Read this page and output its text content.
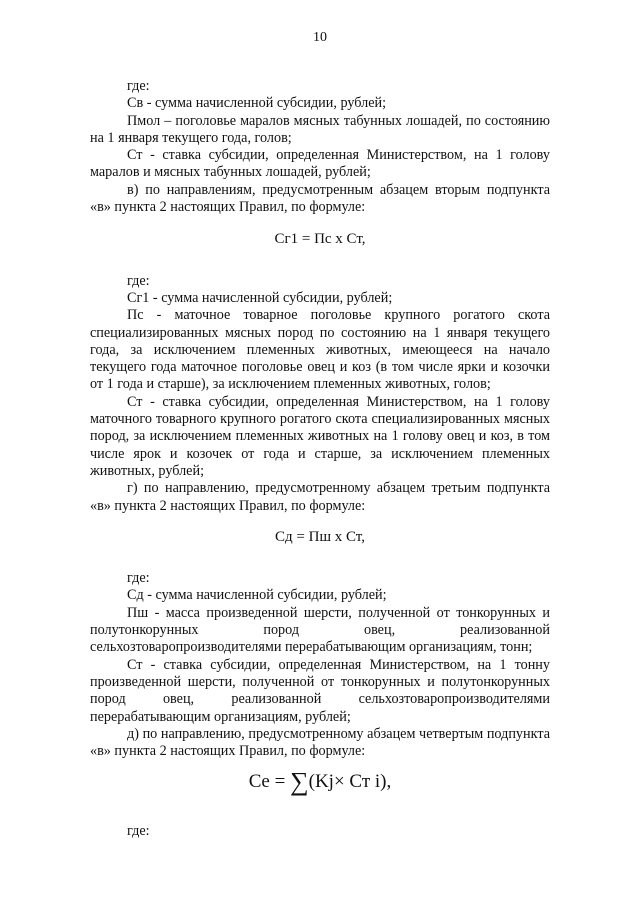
10

где:

Св - сумма начисленной субсидии, рублей;

Пмол – поголовье маралов мясных табунных лошадей, по состоянию на 1 января текущего года, голов;

Ст - ставка субсидии, определенная Министерством, на 1 голову маралов и мясных табунных лошадей, рублей;

в) по направлениям, предусмотренным абзацем вторым подпункта «в» пункта 2 настоящих Правил, по формуле:

Сг1 = Пс х Ст,

где:

Сг1 - сумма начисленной субсидии, рублей;

Пс - маточное товарное поголовье крупного рогатого скота специализированных мясных пород по состоянию на 1 января текущего года, за исключением племенных животных, имеющееся на начало текущего года маточное поголовье овец и коз (в том числе ярки и козочки от 1 года и старше), за исключением племенных животных, голов;

Ст - ставка субсидии, определенная Министерством, на 1 голову маточного товарного крупного рогатого скота специализированных мясных пород, за исключением племенных животных на 1 голову овец и коз, в том числе ярок и козочек от года и старше, за исключением племенных животных, рублей;

г) по направлению, предусмотренному абзацем третьим подпункта «в» пункта 2 настоящих Правил, по формуле:

Сд = Пш х Ст,

где:

Сд - сумма начисленной субсидии, рублей;

Пш - масса произведенной шерсти, полученной от тонкорунных и полутонкорунных пород овец, реализованной сельхозтоваропроизводителями перерабатывающим организациям, тонн;

Ст - ставка субсидии, определенная Министерством, на 1 тонну произведенной шерсти, полученной от тонкорунных и полутонкорунных пород овец, реализованной сельхозтоваропроизводителями перерабатывающим организациям, рублей;

д) по направлению, предусмотренному абзацем четвертым подпункта «в» пункта 2 настоящих Правил, по формуле:

Ce = ∑(Kj× Ст i),

где:
